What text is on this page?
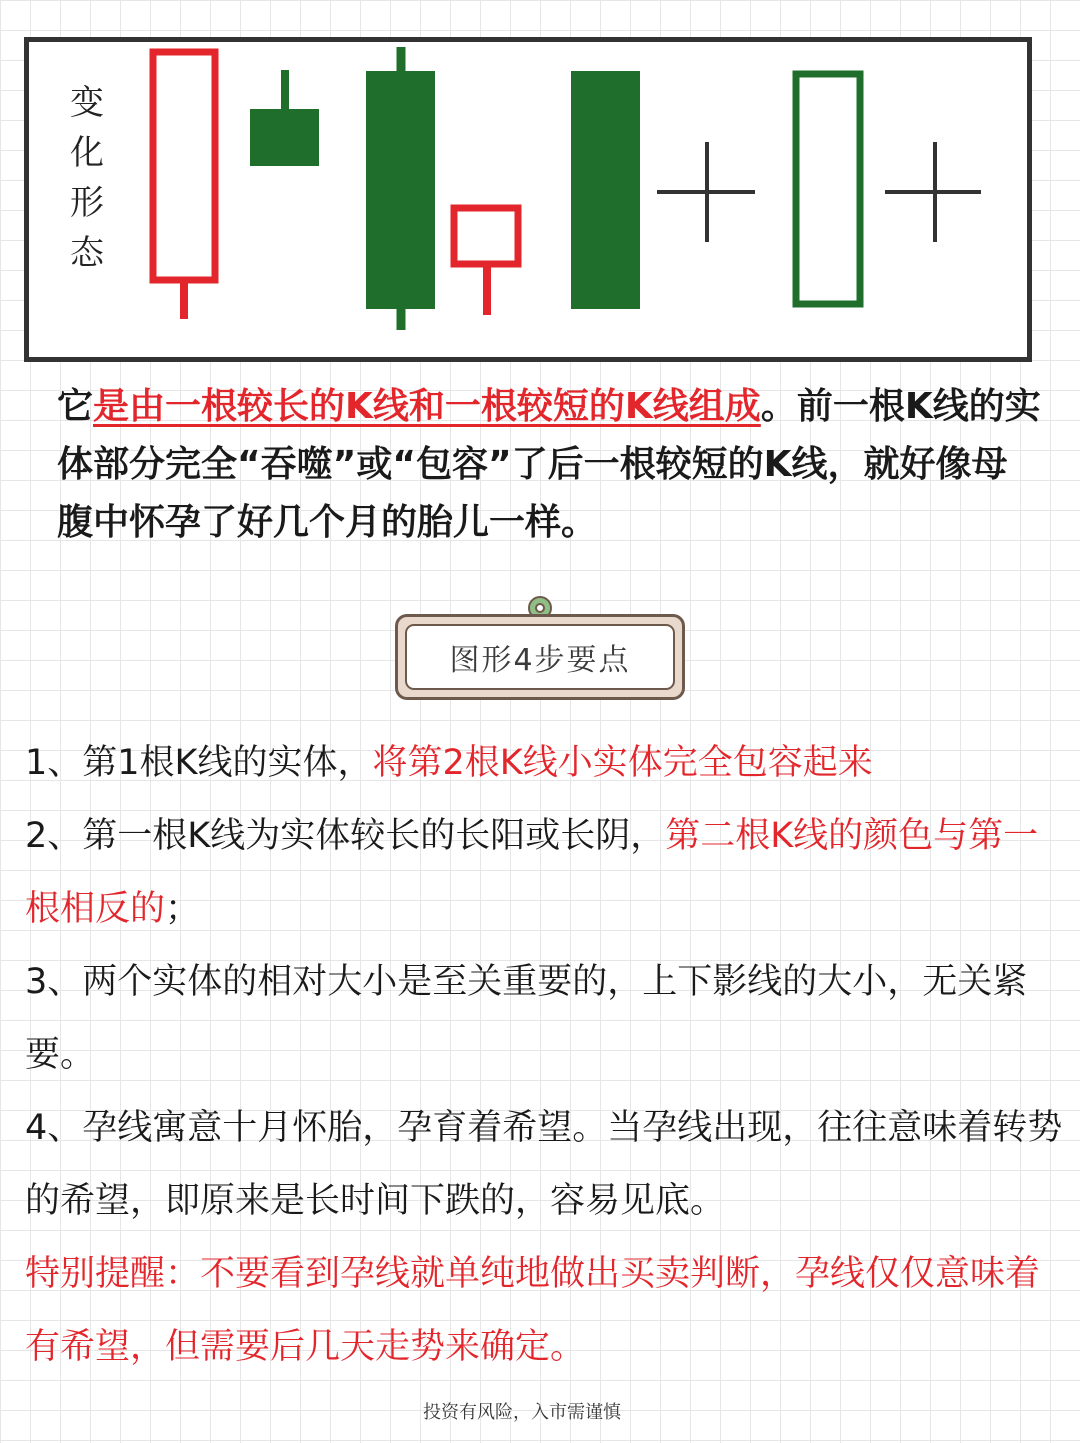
变
化
形
态

它是由一根较长的K线和一根较短的K线组成。前一根K线的实体部分完全“吞噬”或“包容”了后一根较短的K线，就好像母腹中怀孕了好几个月的胎儿一样。

图形4步要点

1、第1根K线的实体，将第2根K线小实体完全包容起来

2、第一根K线为实体较长的长阳或长阴，第二根K线的颜色与第一根相反的；

3、两个实体的相对大小是至关重要的，上下影线的大小，无关紧要。

4、孕线寓意十月怀胎，孕育着希望。当孕线出现，往往意味着转势的希望，即原来是长时间下跌的，容易见底。

特别提醒：不要看到孕线就单纯地做出买卖判断，孕线仅仅意味着有希望，但需要后几天走势来确定。

投资有风险，入市需谨慎
